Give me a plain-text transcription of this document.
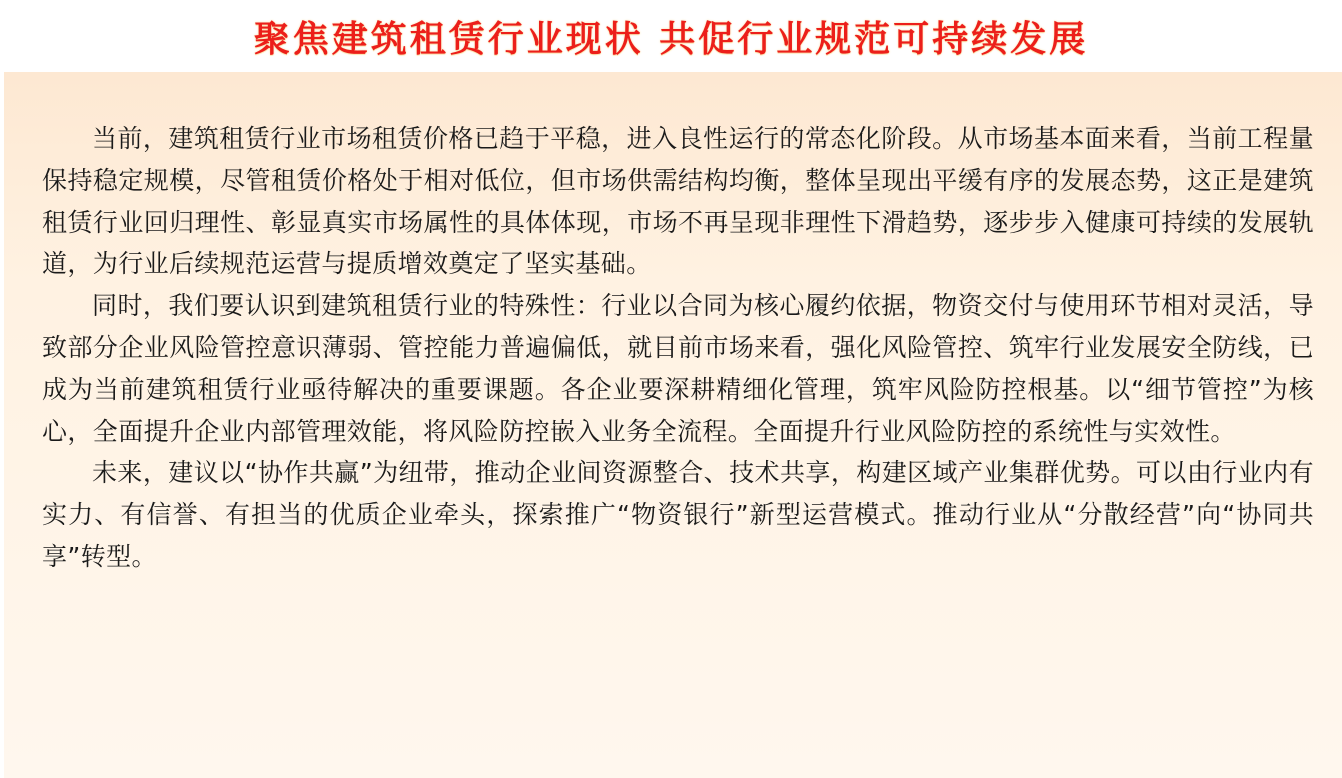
聚焦建筑租赁行业现状 共促行业规范可持续发展

当前，建筑租赁行业市场租赁价格已趋于平稳，进入良性运行的常态化阶段。从市场基本面来看，当前工程量保持稳定规模，尽管租赁价格处于相对低位，但市场供需结构均衡，整体呈现出平缓有序的发展态势，这正是建筑租赁行业回归理性、彰显真实市场属性的具体体现，市场不再呈现非理性下滑趋势，逐步步入健康可持续的发展轨道，为行业后续规范运营与提质增效奠定了坚实基础。

同时，我们要认识到建筑租赁行业的特殊性：行业以合同为核心履约依据，物资交付与使用环节相对灵活，导致部分企业风险管控意识薄弱、管控能力普遍偏低，就目前市场来看，强化风险管控、筑牢行业发展安全防线，已成为当前建筑租赁行业亟待解决的重要课题。各企业要深耕精细化管理，筑牢风险防控根基。以“细节管控”为核心，全面提升企业内部管理效能，将风险防控嵌入业务全流程。全面提升行业风险防控的系统性与实效性。

未来，建议以“协作共赢”为纽带，推动企业间资源整合、技术共享，构建区域产业集群优势。可以由行业内有实力、有信誉、有担当的优质企业牵头，探索推广“物资银行”新型运营模式。推动行业从“分散经营”向“协同共享”转型。
